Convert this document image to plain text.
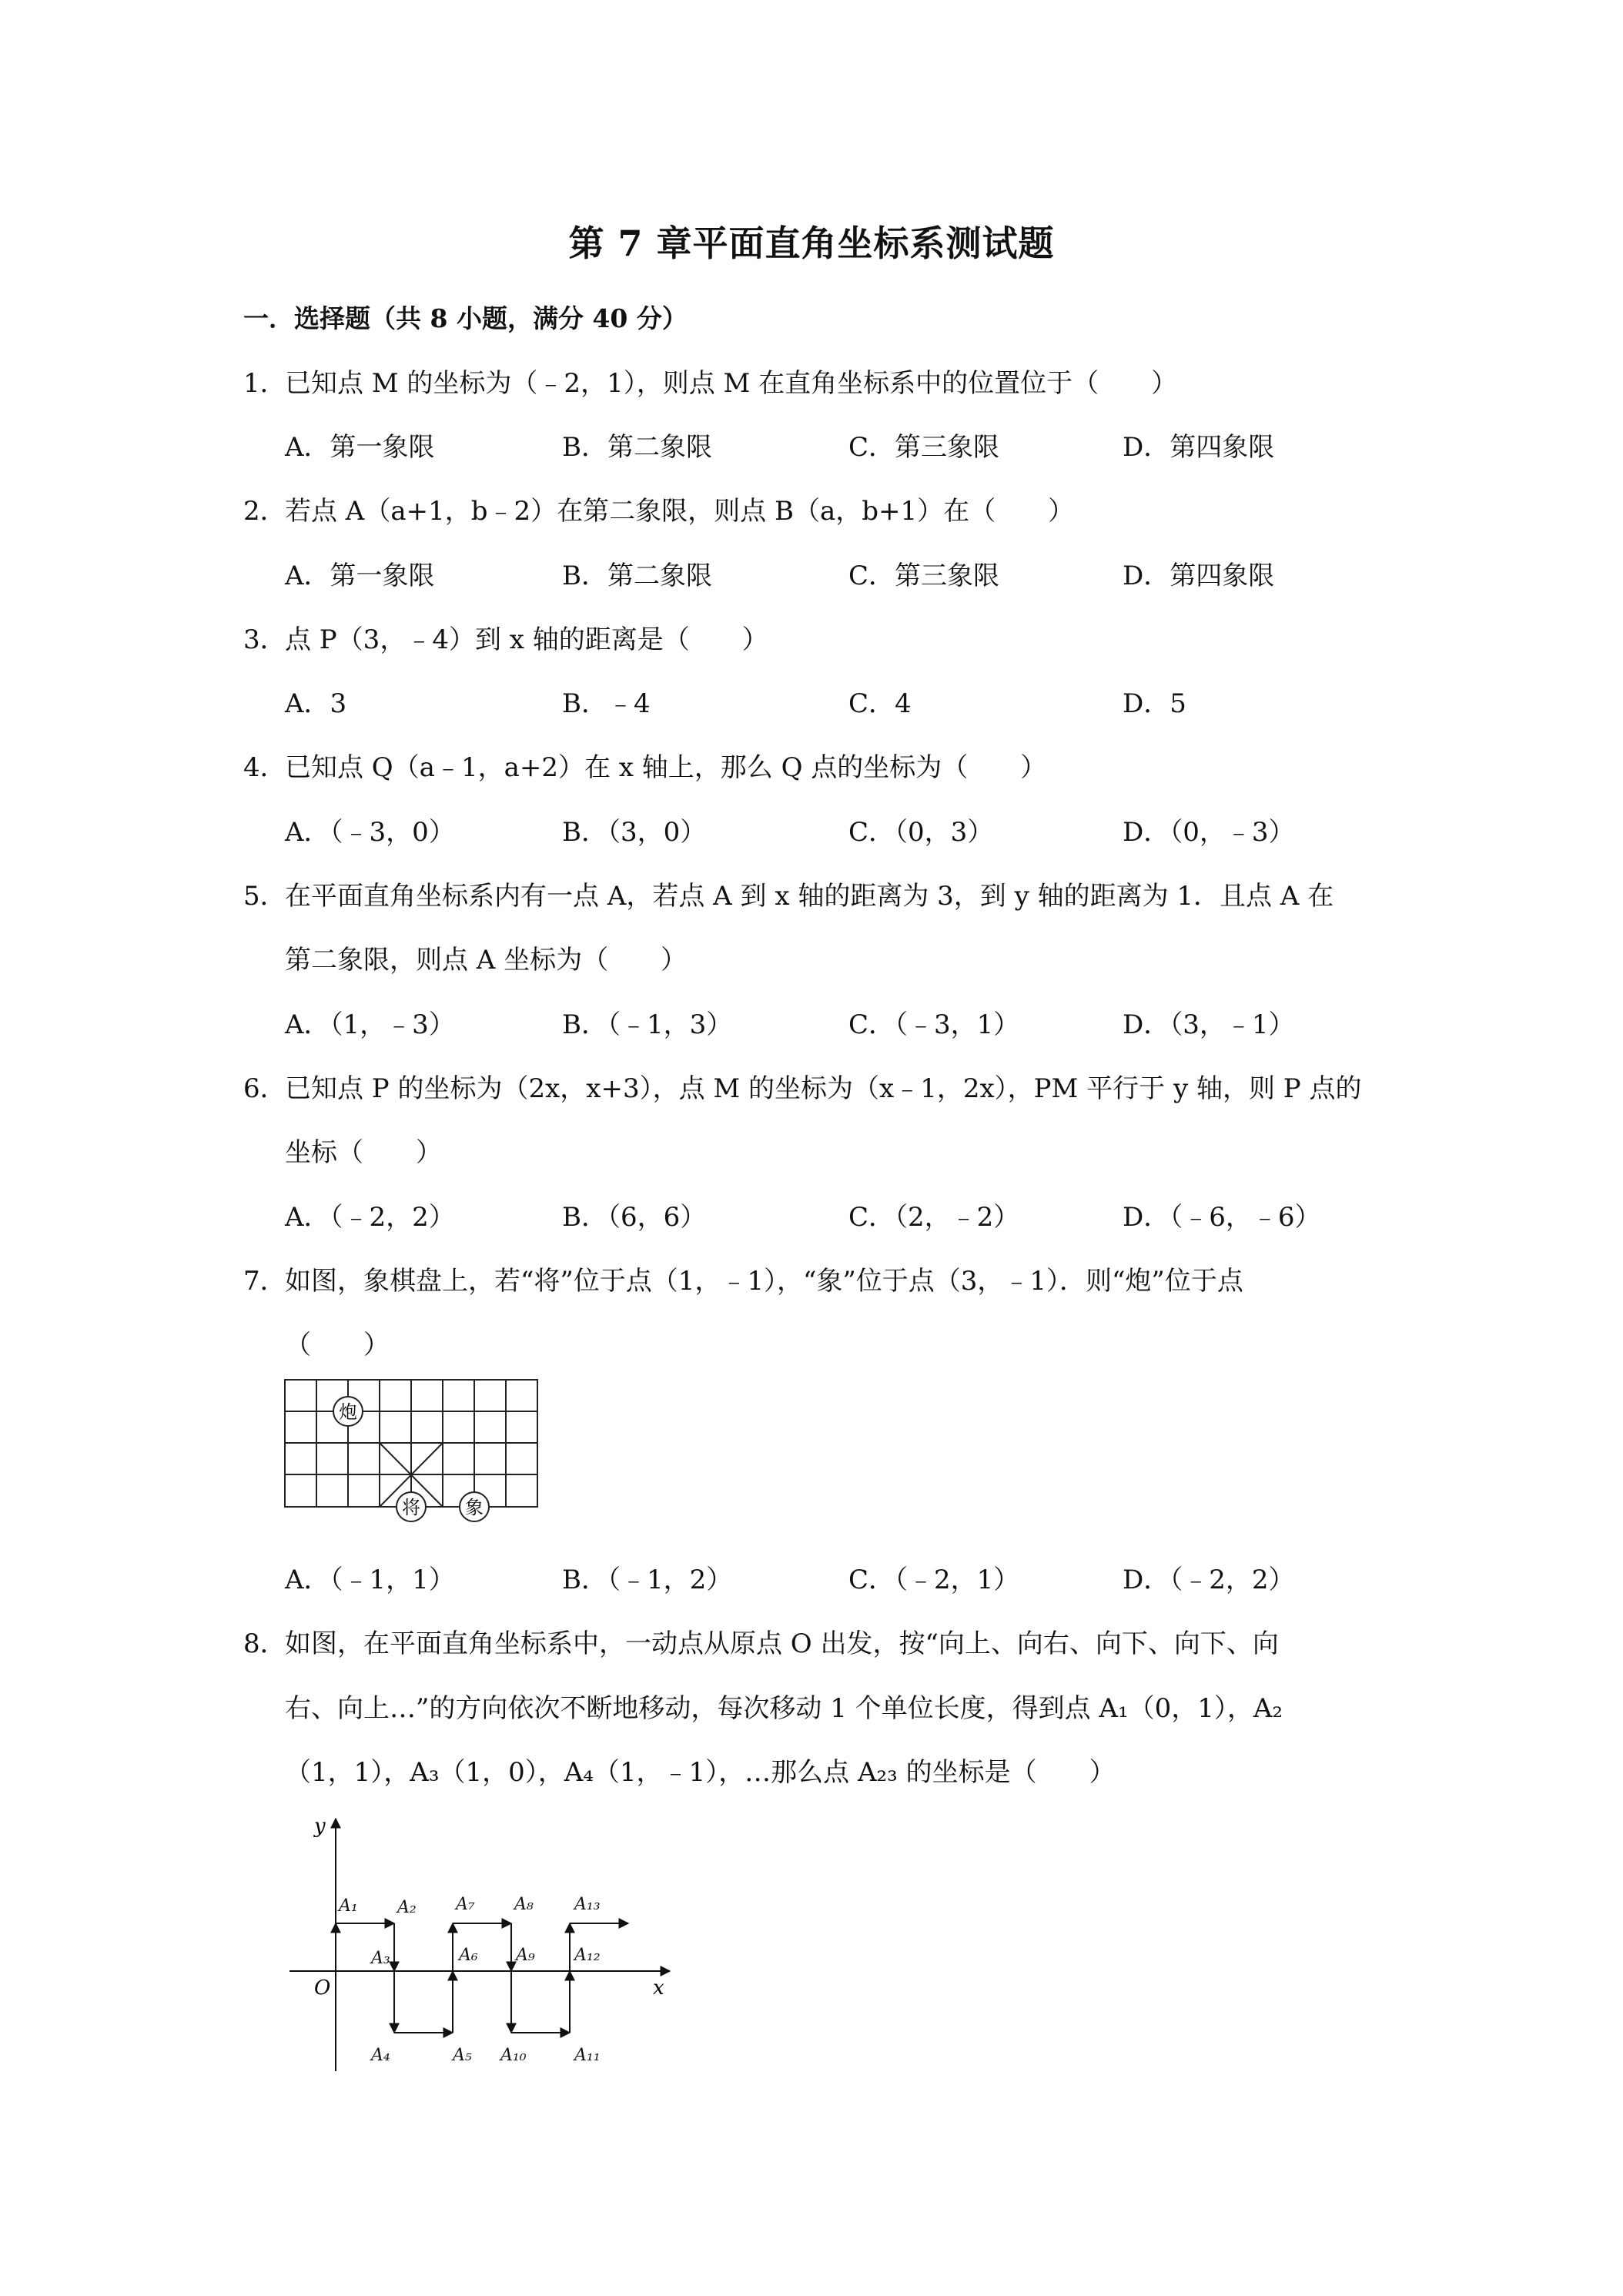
第 7 章平面直角坐标系测试题
一．选择题（共 8 小题，满分 40 分）
1．已知点 M 的坐标为（﹣2，1），则点 M 在直角坐标系中的位置位于（　　）
A．第一象限	B．第二象限	C．第三象限	D．第四象限
2．若点 A（a+1，b﹣2）在第二象限，则点 B（a，b+1）在（　　）
A．第一象限	B．第二象限	C．第三象限	D．第四象限
3．点 P（3，﹣4）到 x 轴的距离是（　　）
A．3	B．﹣4	C．4	D．5
4．已知点 Q（a﹣1，a+2）在 x 轴上，那么 Q 点的坐标为（　　）
A．（﹣3，0）	B．（3，0）	C．（0，3）	D．（0，﹣3）
5．在平面直角坐标系内有一点 A，若点 A 到 x 轴的距离为 3，到 y 轴的距离为 1．且点 A 在
第二象限，则点 A 坐标为（　　）
A．（1，﹣3）	B．（﹣1，3）	C．（﹣3，1）	D．（3，﹣1）
6．已知点 P 的坐标为（2x，x+3），点 M 的坐标为（x﹣1，2x），PM 平行于 y 轴，则 P 点的
坐标（　　）
A．（﹣2，2）	B．（6，6）	C．（2，﹣2）	D．（﹣6，﹣6）
7．如图，象棋盘上，若“将”位于点（1，﹣1），“象”位于点（3，﹣1）．则“炮”位于点
（　　）
炮
将 象
A．（﹣1，1）	B．（﹣1，2）	C．（﹣2，1）	D．（﹣2，2）
8．如图，在平面直角坐标系中，一动点从原点 O 出发，按“向上、向右、向下、向下、向
右、向上…”的方向依次不断地移动，每次移动 1 个单位长度，得到点 A₁（0，1），A₂
（1，1），A₃（1，0），A₄（1，﹣1），…那么点 A₂₃ 的坐标是（　　）
y
x
O
A₁ A₂
A₃
A₄	A₅
A₆
A₇ A₈
A₉
A₁₀	A₁₁
A₁₂
A₁₃
